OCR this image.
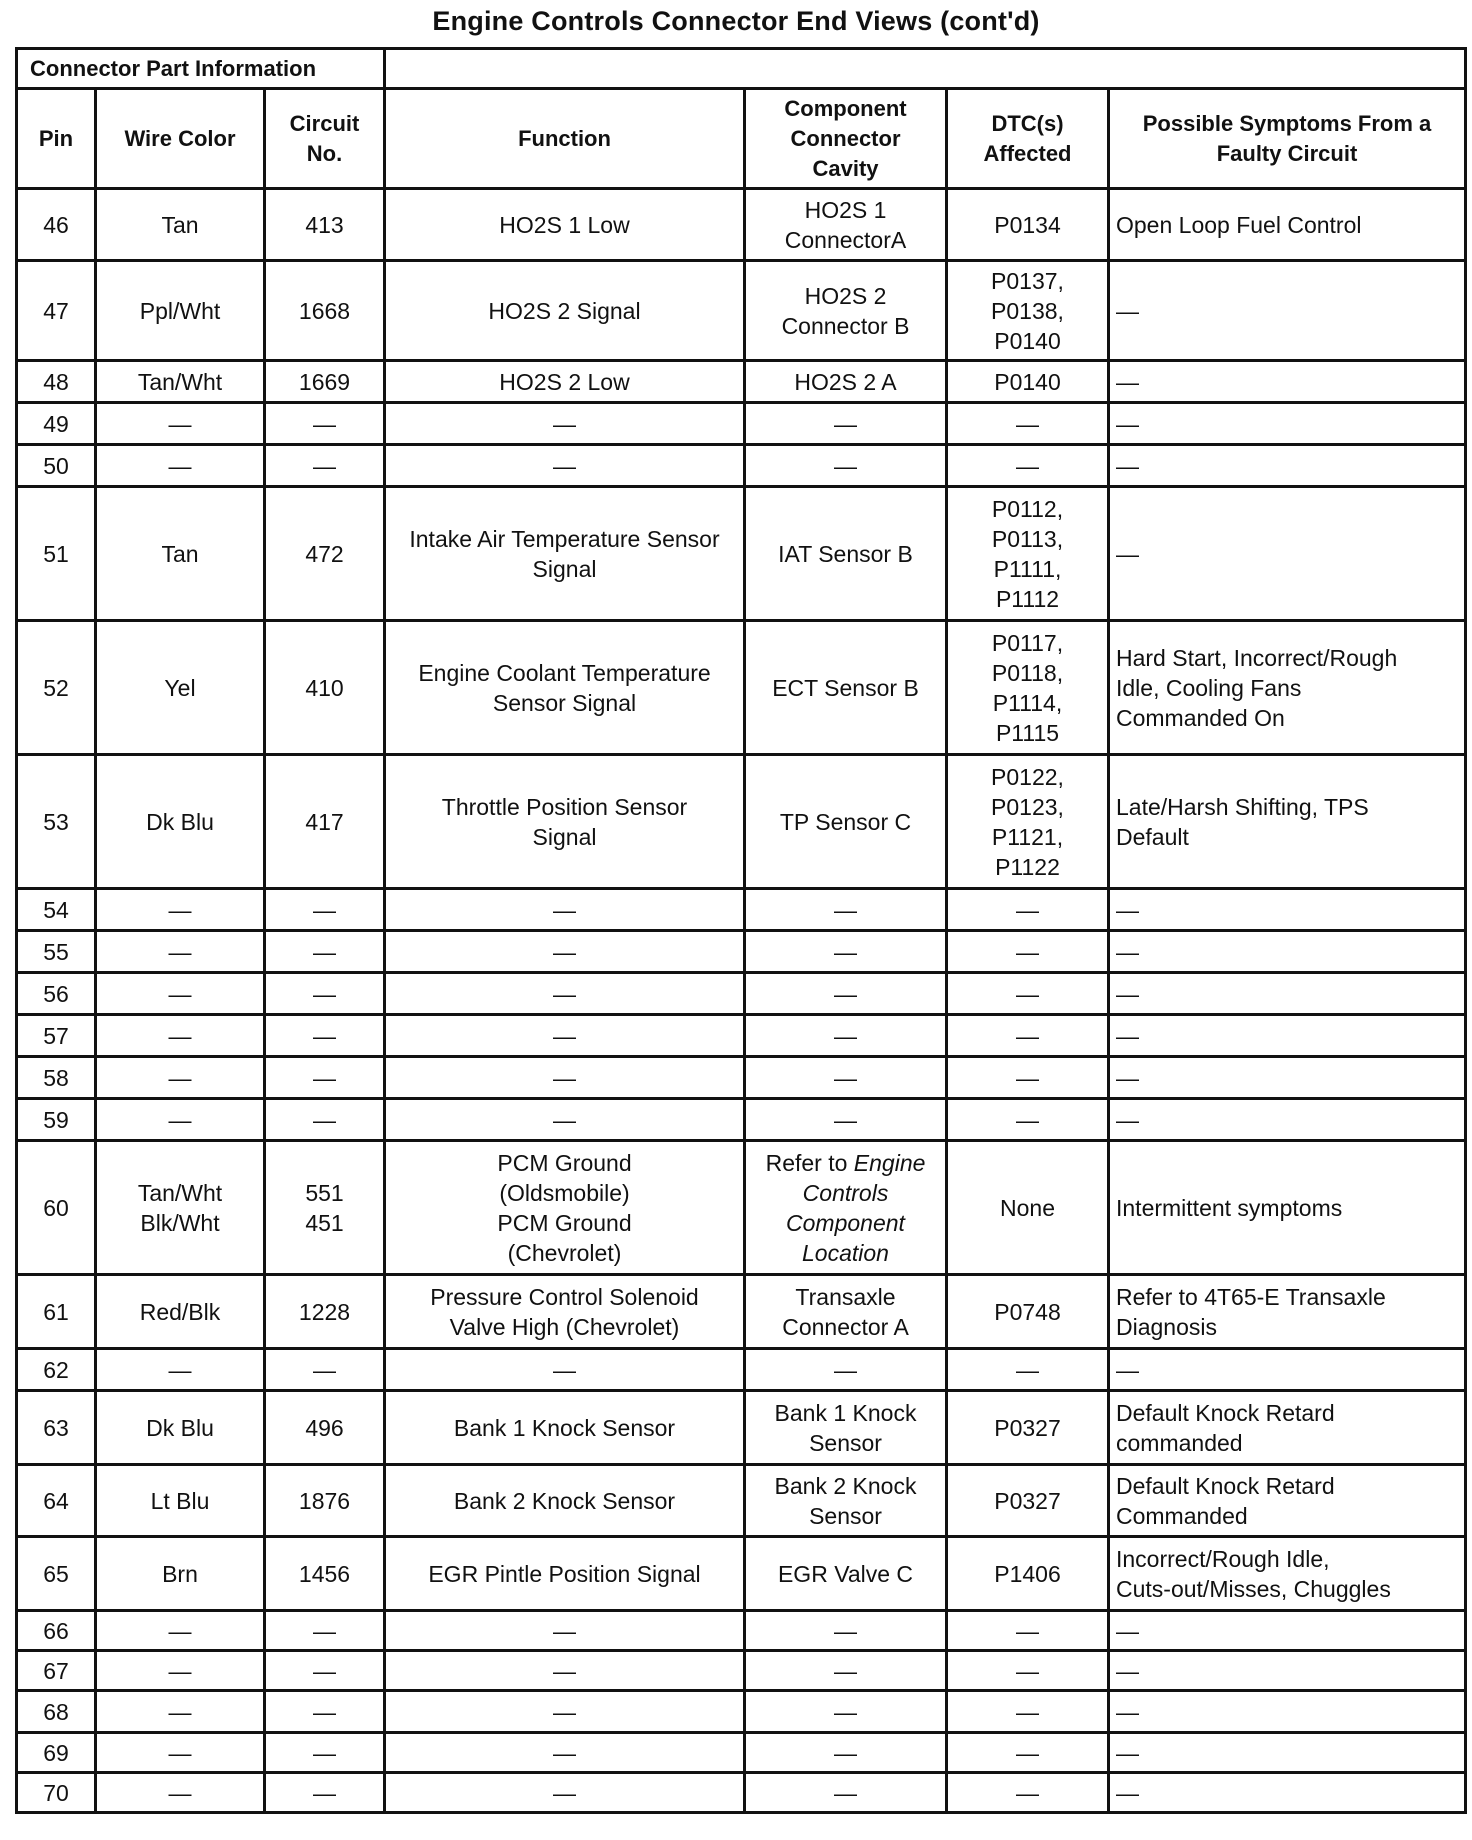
Engine Controls Connector End Views (cont'd)
Connector Part Information						
Pin	Wire Color	Circuit
No.	Function	Component
Connector
Cavity	DTC(s)
Affected	Possible Symptoms From a
Faulty Circuit

46	Tan	413	HO2S 1 Low	HO2S 1
ConnectorA	P0134	Open Loop Fuel Control

47	Ppl/Wht	1668	HO2S 2 Signal	HO2S 2
Connector B	P0137,
P0138,
P0140	—

48	Tan/Wht	1669	HO2S 2 Low	HO2S 2 A	P0140	—

49	—	—	—	—	—	—

50	—	—	—	—	—	—

51	Tan	472	Intake Air Temperature Sensor
Signal	IAT Sensor B	P0112,
P0113,
P1111,
P1112	—

52	Yel	410	Engine Coolant Temperature
Sensor Signal	ECT Sensor B	P0117,
P0118,
P1114,
P1115	Hard Start, Incorrect/Rough
Idle, Cooling Fans
Commanded On

53	Dk Blu	417	Throttle Position Sensor
Signal	TP Sensor C	P0122,
P0123,
P1121,
P1122	Late/Harsh Shifting, TPS
Default

54	—	—	—	—	—	—

55	—	—	—	—	—	—

56	—	—	—	—	—	—

57	—	—	—	—	—	—

58	—	—	—	—	—	—

59	—	—	—	—	—	—

60	Tan/Wht
Blk/Wht	551
451	PCM Ground
(Oldsmobile)
PCM Ground
(Chevrolet)	Refer to Engine
Controls
Component
Location	None	Intermittent symptoms

61	Red/Blk	1228	Pressure Control Solenoid
Valve High (Chevrolet)	Transaxle
Connector A	P0748	Refer to 4T65-E Transaxle
Diagnosis

62	—	—	—	—	—	—

63	Dk Blu	496	Bank 1 Knock Sensor	Bank 1 Knock
Sensor	P0327	Default Knock Retard
commanded

64	Lt Blu	1876	Bank 2 Knock Sensor	Bank 2 Knock
Sensor	P0327	Default Knock Retard
Commanded

65	Brn	1456	EGR Pintle Position Signal	EGR Valve C	P1406	Incorrect/Rough Idle,
Cuts-out/Misses, Chuggles

66	—	—	—	—	—	—

67	—	—	—	—	—	—

68	—	—	—	—	—	—

69	—	—	—	—	—	—

70	—	—	—	—	—	—
